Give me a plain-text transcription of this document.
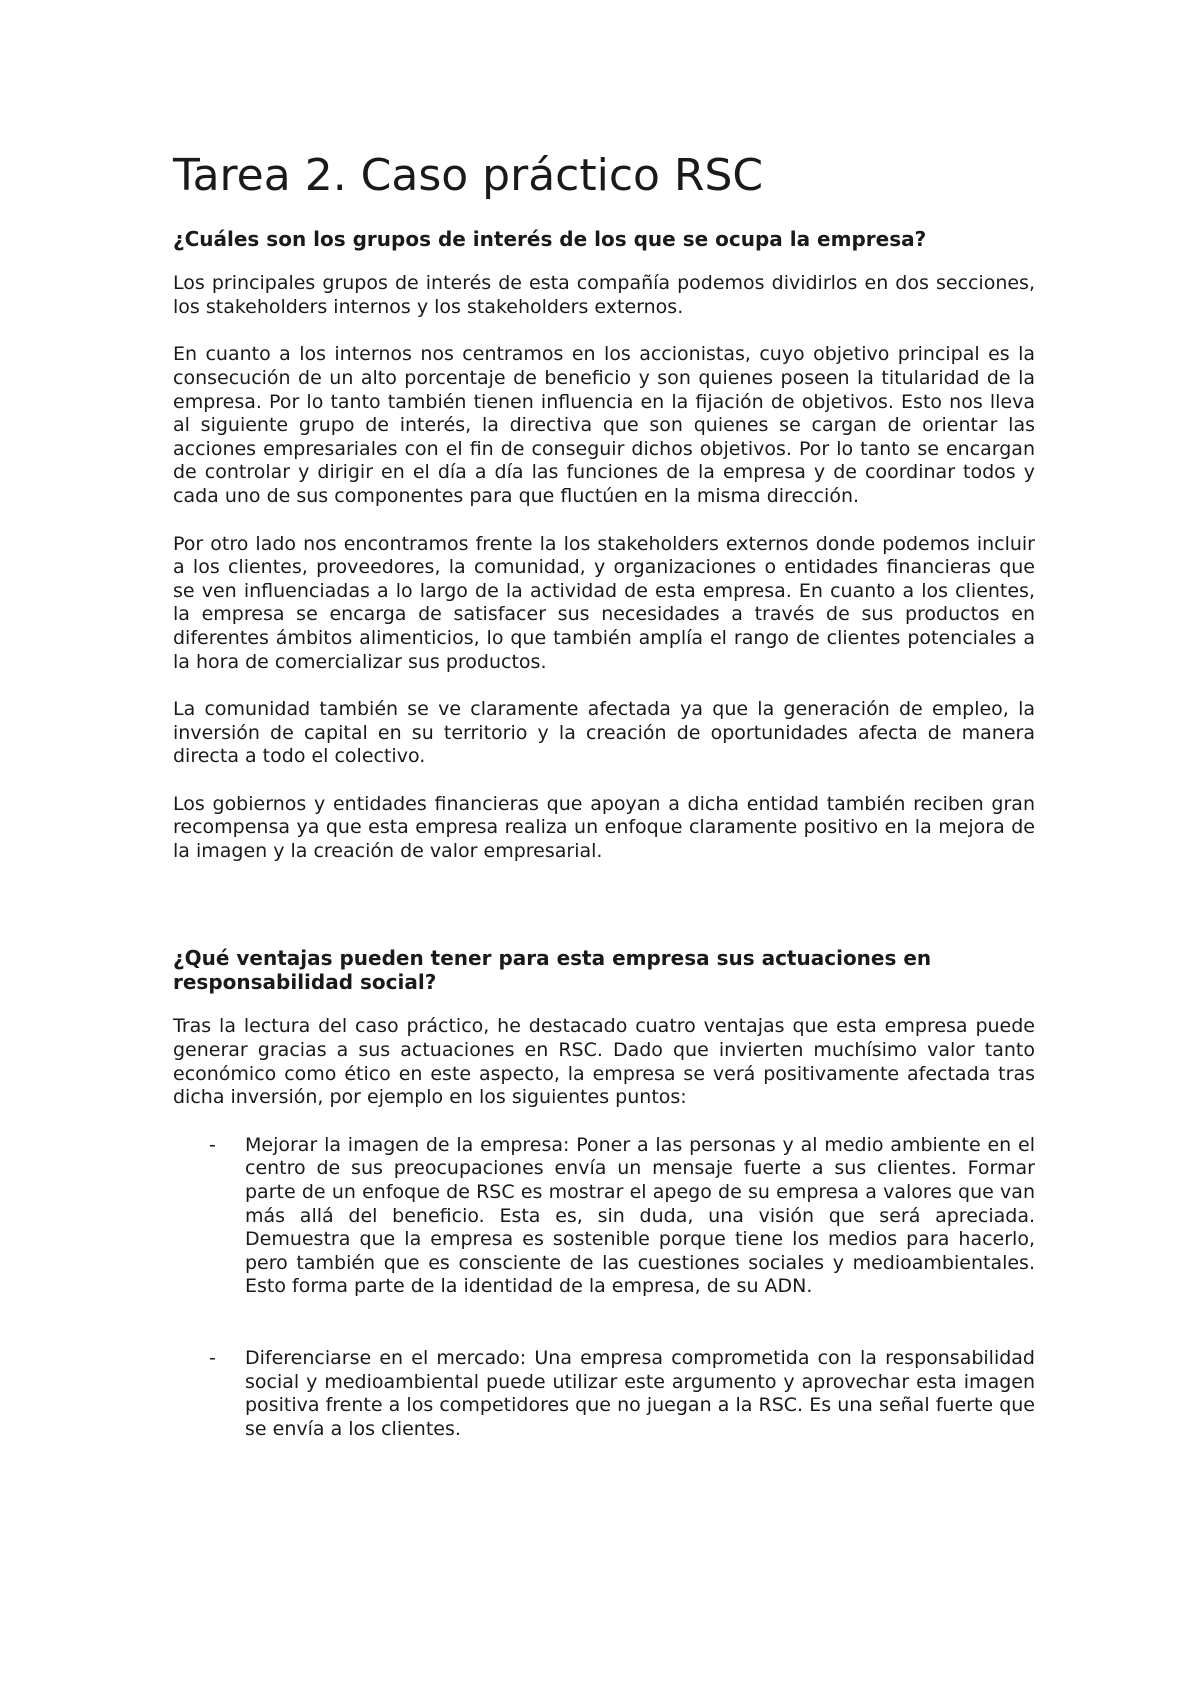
Tarea 2. Caso práctico RSC
¿Cuáles son los grupos de interés de los que se ocupa la empresa?

Los principales grupos de interés de esta compañía podemos dividirlos en dos secciones, los stakeholders internos y los stakeholders externos.

En cuanto a los internos nos centramos en los accionistas, cuyo objetivo principal es la consecución de un alto porcentaje de beneficio y son quienes poseen la titularidad de la empresa. Por lo tanto también tienen influencia en la fijación de objetivos. Esto nos lleva al siguiente grupo de interés, la directiva que son quienes se cargan de orientar las acciones empresariales con el fin de conseguir dichos objetivos. Por lo tanto se encargan de controlar y dirigir en el día a día las funciones de la empresa y de coordinar todos y cada uno de sus componentes para que fluctúen en la misma dirección.

Por otro lado nos encontramos frente la los stakeholders externos donde podemos incluir a los clientes, proveedores, la comunidad, y organizaciones o entidades financieras que se ven influenciadas a lo largo de la actividad de esta empresa. En cuanto a los clientes, la empresa se encarga de satisfacer sus necesidades a través de sus productos en diferentes ámbitos alimenticios, lo que también amplía el rango de clientes potenciales a la hora de comercializar sus productos.

La comunidad también se ve claramente afectada ya que la generación de empleo, la inversión de capital en su territorio y la creación de oportunidades afecta de manera directa a todo el colectivo.

Los gobiernos y entidades financieras que apoyan a dicha entidad también reciben gran recompensa ya que esta empresa realiza un enfoque claramente positivo en la mejora de la imagen y la creación de valor empresarial.

¿Qué ventajas pueden tener para esta empresa sus actuaciones en responsabilidad social?

Tras la lectura del caso práctico, he destacado cuatro ventajas que esta empresa puede generar gracias a sus actuaciones en RSC. Dado que invierten muchísimo valor tanto económico como ético en este aspecto, la empresa se verá positivamente afectada tras dicha inversión, por ejemplo en los siguientes puntos:

-	Mejorar la imagen de la empresa: Poner a las personas y al medio ambiente en el centro de sus preocupaciones envía un mensaje fuerte a sus clientes. Formar parte de un enfoque de RSC es mostrar el apego de su empresa a valores que van más allá del beneficio. Esta es, sin duda, una visión que será apreciada. Demuestra que la empresa es sostenible porque tiene los medios para hacerlo, pero también que es consciente de las cuestiones sociales y medioambientales. Esto forma parte de la identidad de la empresa, de su ADN.
-	Diferenciarse en el mercado: Una empresa comprometida con la responsabilidad social y medioambiental puede utilizar este argumento y aprovechar esta imagen positiva frente a los competidores que no juegan a la RSC. Es una señal fuerte que se envía a los clientes.
